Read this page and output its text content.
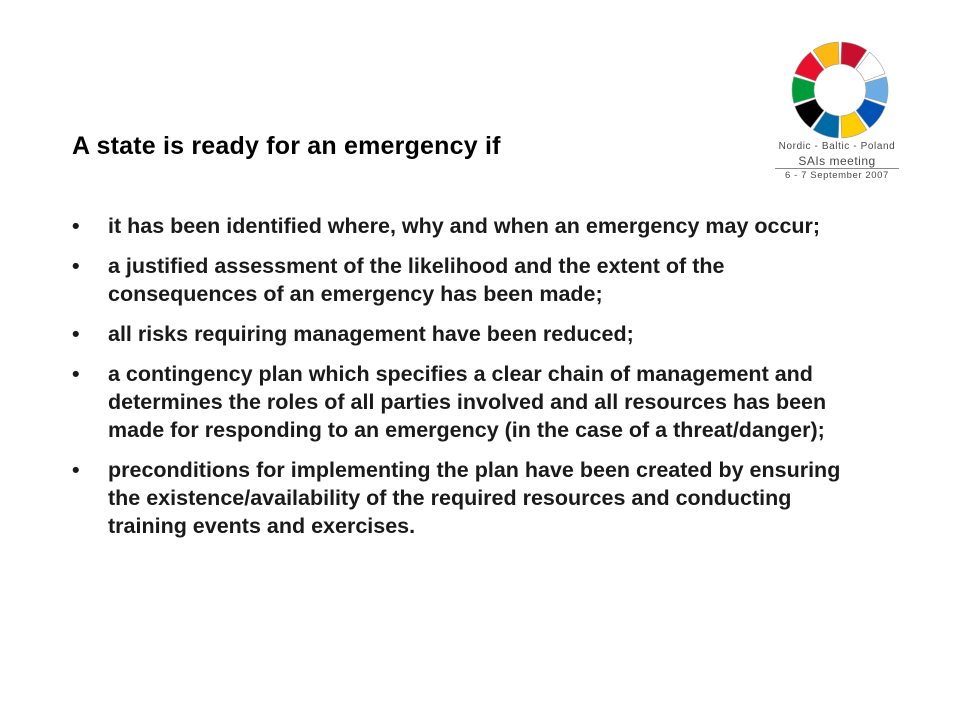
A state is ready for an emergency if
• it has been identified where, why and when an emergency may occur;
• a justified assessment of the likelihood and the extent of the consequences of an emergency has been made;
• all risks requiring management have been reduced;
• a contingency plan which specifies a clear chain of management and determines the roles of all parties involved and all resources has been made for responding to an emergency (in the case of a threat/danger);
• preconditions for implementing the plan have been created by ensuring the existence/availability of the required resources and conducting training events and exercises.
Nordic - Baltic - Poland
SAIs meeting
6 - 7 September 2007
